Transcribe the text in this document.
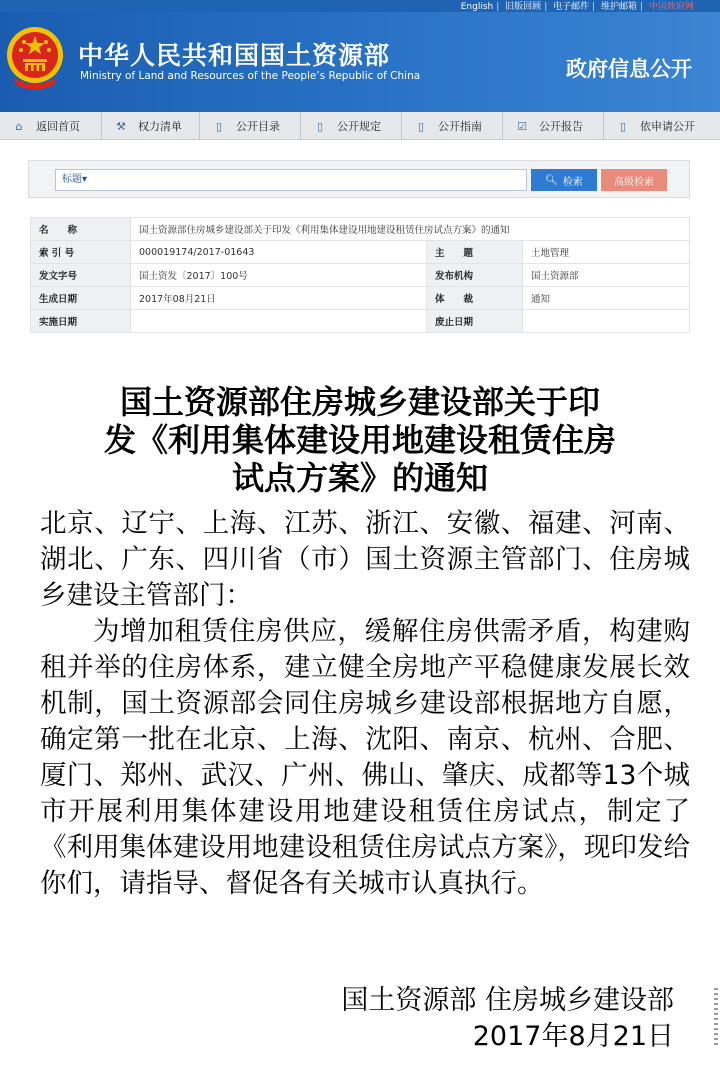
English | 旧版回顾 | 电子邮件 | 维护邮箱 | 中国政府网
中华人民共和国国土资源部
Ministry of Land and Resources of the People’s Republic of China	政府信息公开
⌂	返回首页	⚒ 权力清单	▯	公开目录	▯	公开规定	▯	公开指南	☑ 公开报告	▯	依申请公开
标题▾	🔍︎ 检索	高级检索
名　　称	国土资源部住房城乡建设部关于印发《利用集体建设用地建设租赁住房试点方案》的通知		
索 引 号	000019174/2017-01643	主　　题	土地管理
发文字号	国土资发〔2017〕100号	发布机构	国土资源部
生成日期	2017年08月21日	体　　裁	通知
实施日期		废止日期	
国土资源部住房城乡建设部关于印
发《利用集体建设用地建设租赁住房
试点方案》的通知

北京、辽宁、上海、江苏、浙江、安徽、福建、河南、湖北、广东、四川省（市）国土资源主管部门、住房城乡建设主管部门：

为增加租赁住房供应，缓解住房供需矛盾，构建购租并举的住房体系，建立健全房地产平稳健康发展长效机制，国土资源部会同住房城乡建设部根据地方自愿，确定第一批在北京、上海、沈阳、南京、杭州、合肥、厦门、郑州、武汉、广州、佛山、肇庆、成都等13个城市开展利用集体建设用地建设租赁住房试点，制定了《利用集体建设用地建设租赁住房试点方案》，现印发给你们，请指导、督促各有关城市认真执行。

国土资源部 住房城乡建设部
2017年8月21日
